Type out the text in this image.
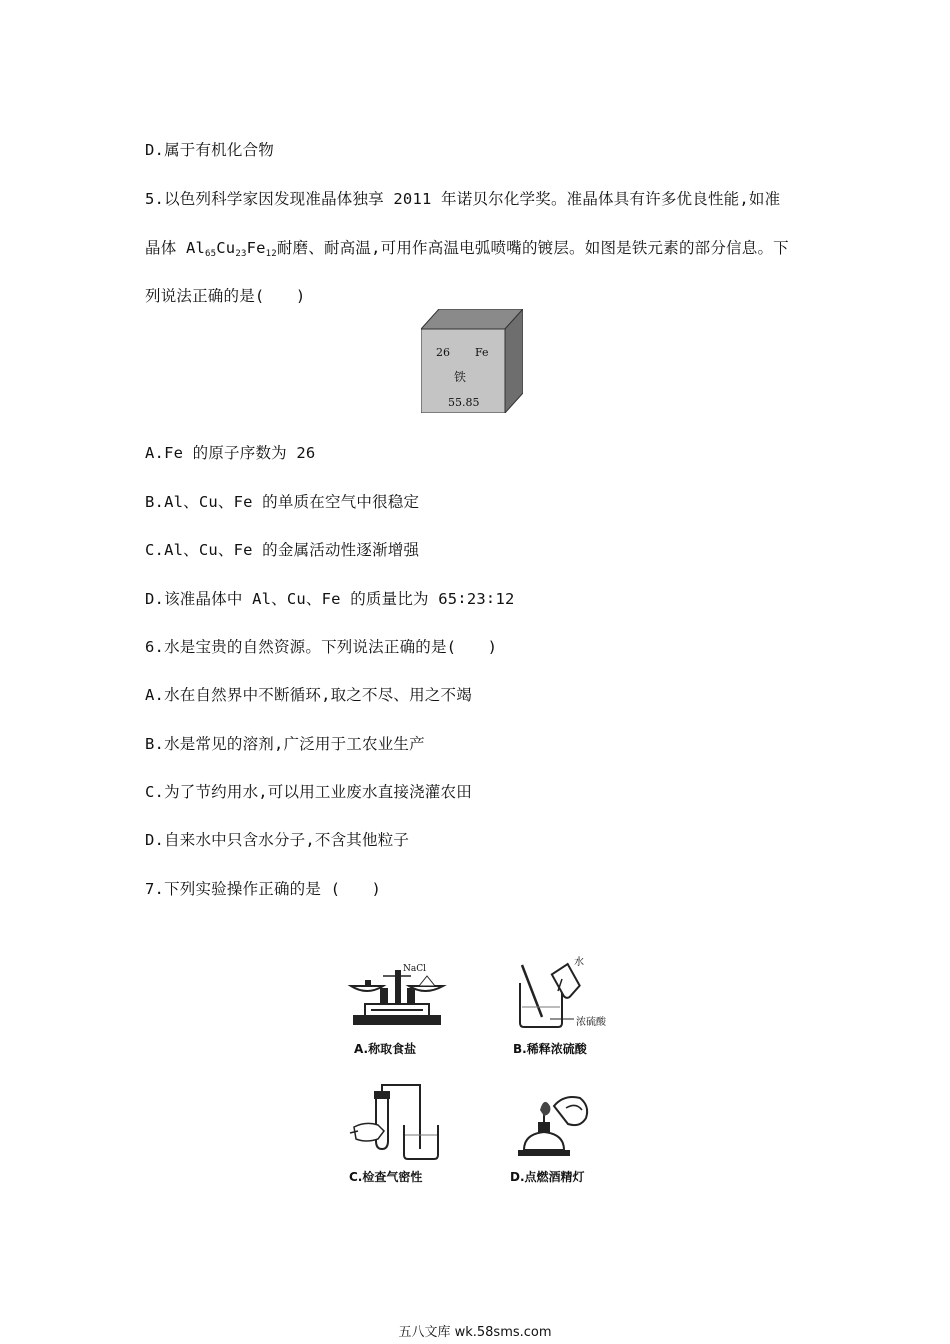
D.属于有机化合物
5.以色列科学家因发现准晶体独享 2011 年诺贝尔化学奖。准晶体具有许多优良性能,如准
晶体 $Al_{65}Cu_{23}Fe_{12}$耐磨、耐高温,可用作高温电弧喷嘴的镀层。如图是铁元素的部分信息。下
列说法正确的是(　　)
26 Fe
铁
55.85
A.Fe 的原子序数为 26
B.Al、Cu、Fe 的单质在空气中很稳定
C.Al、Cu、Fe 的金属活动性逐渐增强
D.该准晶体中 Al、Cu、Fe 的质量比为 65∶23∶12
6.水是宝贵的自然资源。下列说法正确的是(　　)
A.水在自然界中不断循环,取之不尽、用之不竭
B.水是常见的溶剂,广泛用于工农业生产
C.为了节约用水,可以用工业废水直接浇灌农田
D.自来水中只含水分子,不含其他粒子
7.下列实验操作正确的是 (　　)
NaCl
A.称取食盐
水
浓硫酸
B.稀释浓硫酸
C.检查气密性	D.点燃酒精灯
五八文库 wk.58sms.com
